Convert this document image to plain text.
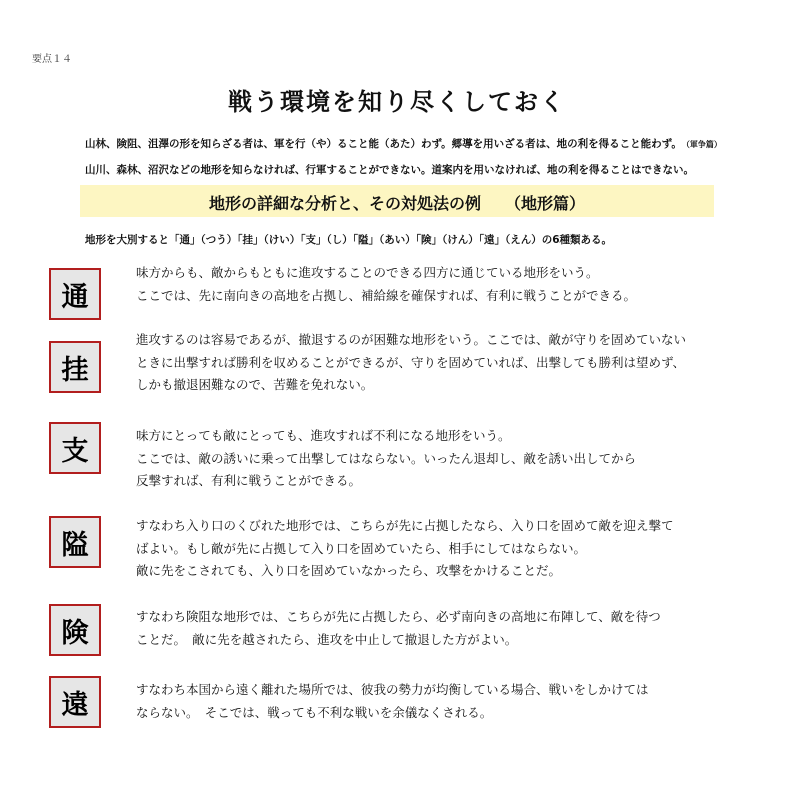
要点１４
戦う環境を知り尽くしておく
山林、険阻、沮澤の形を知らざる者は、軍を行（や）ること能（あた）わず。郷導を用いざる者は、地の利を得ること能わず。 （軍争篇）
山川、森林、沼沢などの地形を知らなければ、行軍することができない。道案内を用いなければ、地の利を得ることはできない。
地形の詳細な分析と、その対処法の例　　 （地形篇）
地形を大別すると「通」（つう）「挂」（けい）「支」（し）「隘」（あい）「険」（けん）「遠」（えん）の6種類ある。
通
味方からも、敵からもともに進攻することのできる四方に通じている地形をいう。
ここでは、先に南向きの高地を占拠し、補給線を確保すれば、有利に戦うことができる。
挂
進攻するのは容易であるが、撤退するのが困難な地形をいう。ここでは、敵が守りを固めていない
ときに出撃すれば勝利を収めることができるが、守りを固めていれば、出撃しても勝利は望めず、
しかも撤退困難なので、苦難を免れない。
支	味方にとっても敵にとっても、進攻すれば不利になる地形をいう。
ここでは、敵の誘いに乗って出撃してはならない。いったん退却し、敵を誘い出してから
反撃すれば、有利に戦うことができる。
隘
すなわち入り口のくびれた地形では、こちらが先に占拠したなら、入り口を固めて敵を迎え撃て
ばよい。もし敵が先に占拠して入り口を固めていたら、相手にしてはならない。
敵に先をこされても、入り口を固めていなかったら、攻撃をかけることだ。
険
すなわち険阻な地形では、こちらが先に占拠したら、必ず南向きの高地に布陣して、敵を待つ
ことだ。　敵に先を越されたら、進攻を中止して撤退した方がよい。
遠	すなわち本国から遠く離れた場所では、彼我の勢力が均衡している場合、戦いをしかけては
ならない。　そこでは、戦っても不利な戦いを余儀なくされる。
